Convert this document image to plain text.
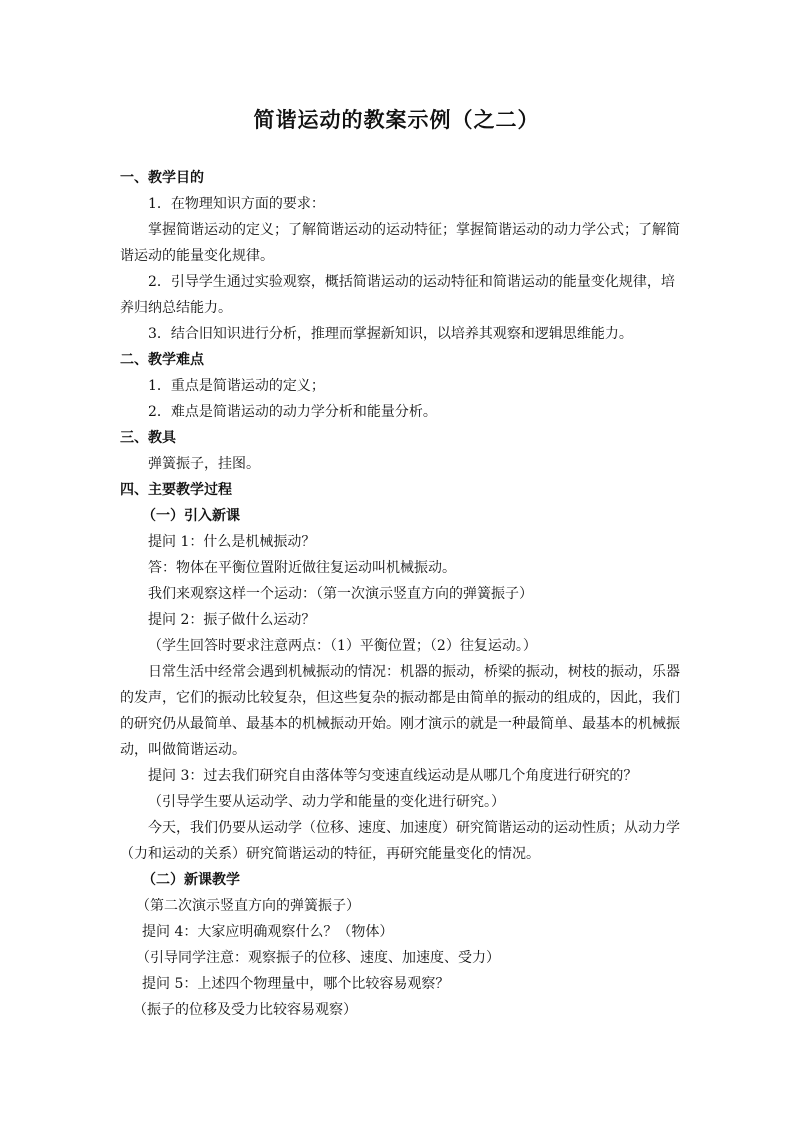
简谐运动的教案示例（之二）
一、教学目的
1．在物理知识方面的要求：
掌握简谐运动的定义；了解简谐运动的运动特征；掌握简谐运动的动力学公式；了解简
谐运动的能量变化规律。
2．引导学生通过实验观察，概括简谐运动的运动特征和简谐运动的能量变化规律，培
养归纳总结能力。
3．结合旧知识进行分析，推理而掌握新知识，以培养其观察和逻辑思维能力。
二、教学难点
1．重点是简谐运动的定义；
2．难点是简谐运动的动力学分析和能量分析。
三、教具
弹簧振子，挂图。
四、主要教学过程
（一）引入新课
提问 1：什么是机械振动？
答：物体在平衡位置附近做往复运动叫机械振动。
我们来观察这样一个运动：（第一次演示竖直方向的弹簧振子）
提问 2：振子做什么运动？
（学生回答时要求注意两点：（1）平衡位置；（2）往复运动。）
日常生活中经常会遇到机械振动的情况：机器的振动，桥梁的振动，树枝的振动，乐器
的发声，它们的振动比较复杂，但这些复杂的振动都是由简单的振动的组成的，因此，我们
的研究仍从最简单、最基本的机械振动开始。刚才演示的就是一种最简单、最基本的机械振
动，叫做简谐运动。
提问 3：过去我们研究自由落体等匀变速直线运动是从哪几个角度进行研究的？
（引导学生要从运动学、动力学和能量的变化进行研究。）
今天，我们仍要从运动学（位移、速度、加速度）研究简谐运动的运动性质；从动力学
（力和运动的关系）研究简谐运动的特征，再研究能量变化的情况。
（二）新课教学
（第二次演示竖直方向的弹簧振子）
提问 4：大家应明确观察什么？（物体）
（引导同学注意：观察振子的位移、速度、加速度、受力）
提问 5：上述四个物理量中，哪个比较容易观察？
（振子的位移及受力比较容易观察）
